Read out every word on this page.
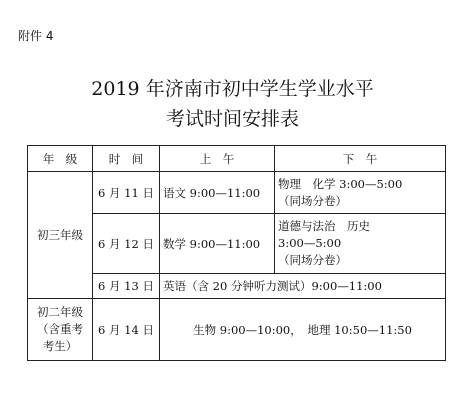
附件 4
2019 年济南市初中学生学业水平
考试时间安排表
年　级	时　间	上　午	下　午
初三年级	6 月 11 日	语文 9:00—11:00	物理　化学 3:00—5:00
（同场分卷）

	6 月 12 日	数学 9:00—11:00	道德与法治　历史
3:00—5:00
（同场分卷）

	6 月 13 日	英语（含 20 分钟听力测试）9:00—11:00	

初二年级
（含重考
考生）	6 月 14 日	生物 9:00—10:00，　地理 10:50—11:50	
